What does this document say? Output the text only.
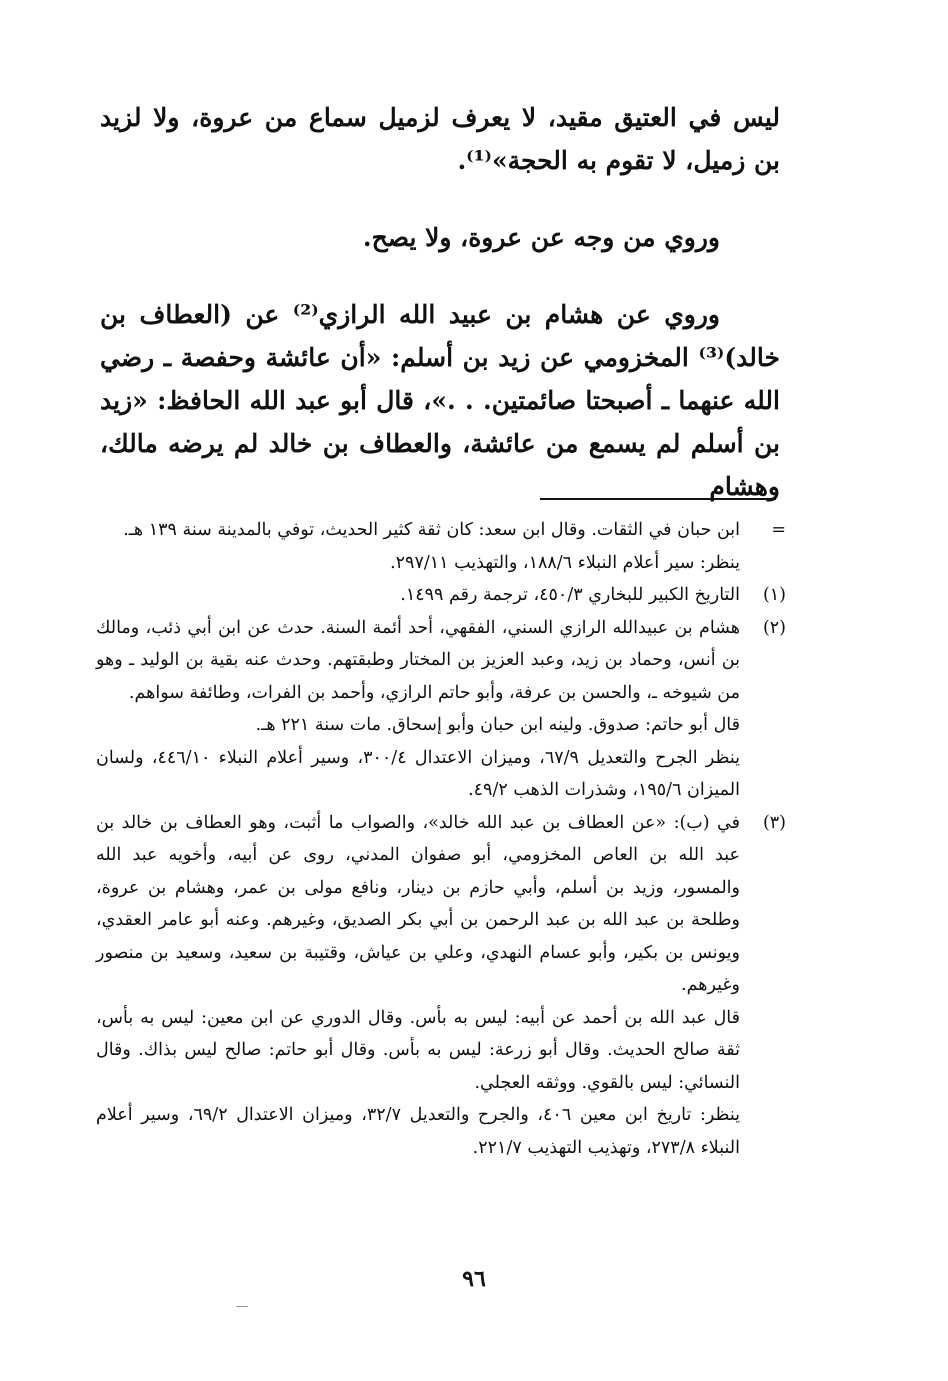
ليس في العتيق مقيد، لا يعرف لزميل سماع من عروة، ولا لزيد بن زميل، لا تقوم به الحجة»⁽¹⁾.

وروي من وجه عن عروة، ولا يصح.

وروي عن هشام بن عبيد الله الرازي⁽²⁾ عن (العطاف بن خالد)⁽³⁾ المخزومي عن زيد بن أسلم: «أن عائشة وحفصة ـ رضي الله عنهما ـ أصبحتا صائمتين. . .»، قال أبو عبد الله الحافظ: «زيد بن أسلم لم يسمع من عائشة، والعطاف بن خالد لم يرضه مالك، وهشام

=
ابن حبان في الثقات. وقال ابن سعد: كان ثقة كثير الحديث، توفي بالمدينة سنة ١٣٩ هـ.
ينظر: سير أعلام النبلاء ١٨٨/٦، والتهذيب ٢٩٧/١١.
(١)
التاريخ الكبير للبخاري ٤٥٠/٣، ترجمة رقم ١٤٩٩.
(٢)
هشام بن عبيدالله الرازي السني، الفقهي، أحد أئمة السنة. حدث عن ابن أبي ذئب، ومالك بن أنس، وحماد بن زيد، وعبد العزيز بن المختار وطبقتهم. وحدث عنه بقية بن الوليد ـ وهو من شيوخه ـ، والحسن بن عرفة، وأبو حاتم الرازي، وأحمد بن الفرات، وطائفة سواهم.
قال أبو حاتم: صدوق. ولينه ابن حبان وأبو إسحاق. مات سنة ٢٢١ هـ.
ينظر الجرح والتعديل ٦٧/٩، وميزان الاعتدال ٣٠٠/٤، وسير أعلام النبلاء ٤٤٦/١٠، ولسان الميزان ١٩٥/٦، وشذرات الذهب ٤٩/٢.
(٣)
في (ب): «عن العطاف بن عبد الله خالد»، والصواب ما أثبت، وهو العطاف بن خالد بن عبد الله بن العاص المخزومي، أبو صفوان المدني، روى عن أبيه، وأخويه عبد الله والمسور، وزيد بن أسلم، وأبي حازم بن دينار، ونافع مولى بن عمر، وهشام بن عروة، وطلحة بن عبد الله بن عبد الرحمن بن أبي بكر الصديق، وغيرهم. وعنه أبو عامر العقدي، ويونس بن بكير، وأبو عسام النهدي، وعلي بن عياش، وقتيبة بن سعيد، وسعيد بن منصور وغيرهم.
قال عبد الله بن أحمد عن أبيه: ليس به بأس. وقال الدوري عن ابن معين: ليس به بأس، ثقة صالح الحديث. وقال أبو زرعة: ليس به بأس. وقال أبو حاتم: صالح ليس بذاك. وقال النسائي: ليس بالقوي. ووثقه العجلي.
ينظر: تاريخ ابن معين ٤٠٦، والجرح والتعديل ٣٢/٧، وميزان الاعتدال ٦٩/٢، وسير أعلام النبلاء ٢٧٣/٨، وتهذيب التهذيب ٢٢١/٧.
٩٦
